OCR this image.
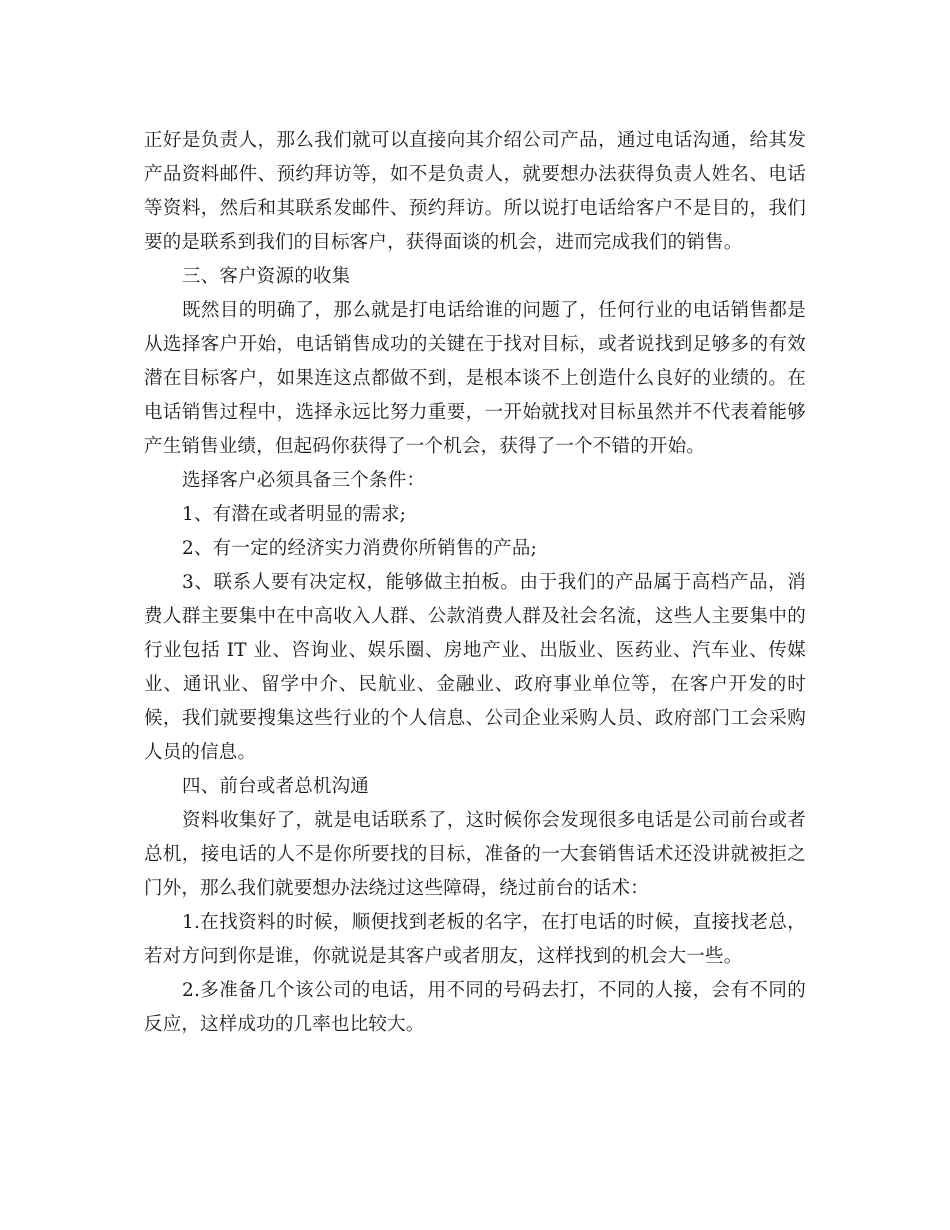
正好是负责人，那么我们就可以直接向其介绍公司产品，通过电话沟通，给其发产品资料邮件、预约拜访等，如不是负责人，就要想办法获得负责人姓名、电话等资料，然后和其联系发邮件、预约拜访。所以说打电话给客户不是目的，我们要的是联系到我们的目标客户，获得面谈的机会，进而完成我们的销售。

三、客户资源的收集

既然目的明确了，那么就是打电话给谁的问题了，任何行业的电话销售都是从选择客户开始，电话销售成功的关键在于找对目标，或者说找到足够多的有效潜在目标客户，如果连这点都做不到，是根本谈不上创造什么良好的业绩的。在电话销售过程中，选择永远比努力重要，一开始就找对目标虽然并不代表着能够产生销售业绩，但起码你获得了一个机会，获得了一个不错的开始。

选择客户必须具备三个条件：

1、有潜在或者明显的需求;

2、有一定的经济实力消费你所销售的产品;

3、联系人要有决定权，能够做主拍板。由于我们的产品属于高档产品，消费人群主要集中在中高收入人群、公款消费人群及社会名流，这些人主要集中的行业包括 IT 业、咨询业、娱乐圈、房地产业、出版业、医药业、汽车业、传媒业、通讯业、留学中介、民航业、金融业、政府事业单位等，在客户开发的时候，我们就要搜集这些行业的个人信息、公司企业采购人员、政府部门工会采购人员的信息。

四、前台或者总机沟通

资料收集好了，就是电话联系了，这时候你会发现很多电话是公司前台或者总机，接电话的人不是你所要找的目标，准备的一大套销售话术还没讲就被拒之门外，那么我们就要想办法绕过这些障碍，绕过前台的话术：

1.在找资料的时候，顺便找到老板的名字，在打电话的时候，直接找老总，若对方问到你是谁，你就说是其客户或者朋友，这样找到的机会大一些。

2.多准备几个该公司的电话，用不同的号码去打，不同的人接，会有不同的反应，这样成功的几率也比较大。
